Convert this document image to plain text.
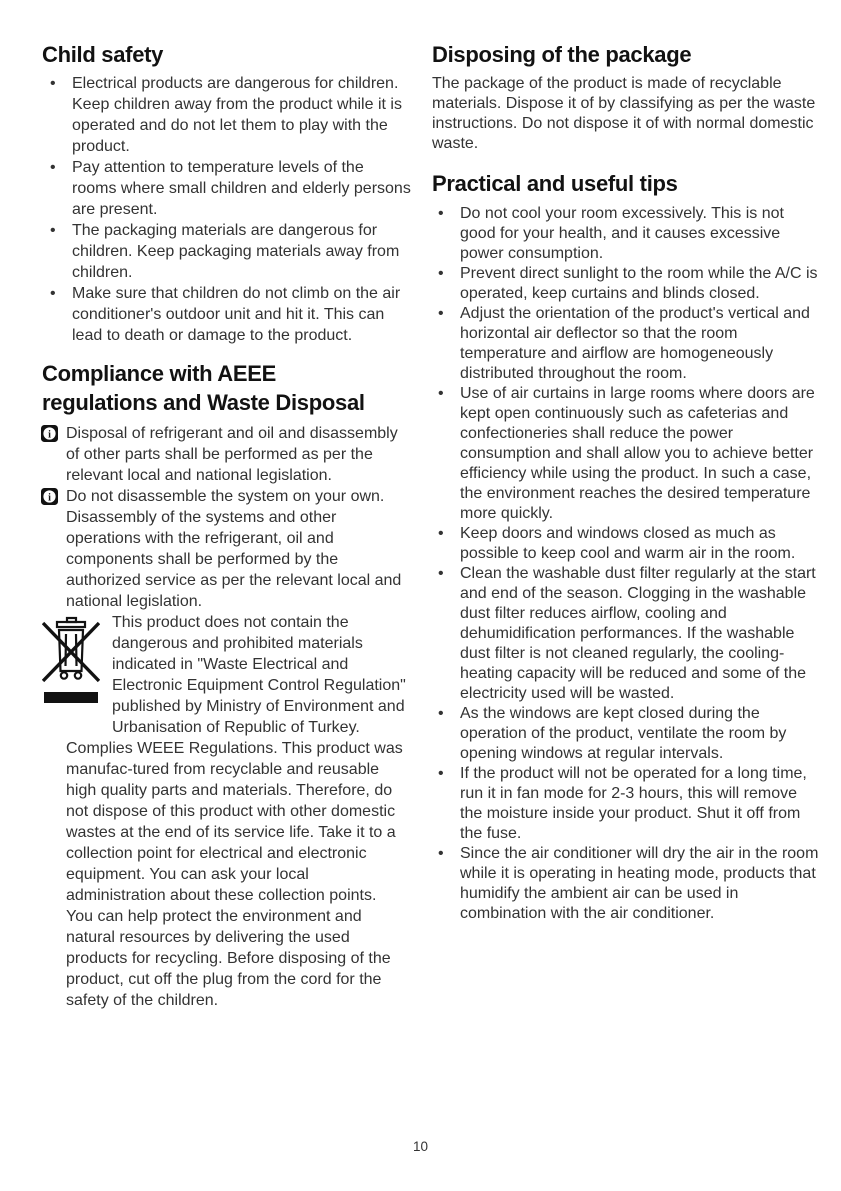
Child safety
• Electrical products are dangerous for children. Keep children away from the product while it is operated and do not let them to play with the product.
• Pay attention to temperature levels of the rooms where small children and elderly persons are present.
• The packaging materials are dangerous for children. Keep packaging materials away from children.
• Make sure that children do not climb on the air conditioner's outdoor unit and hit it. This can lead to death or damage to the product.
Compliance with AEEE
regulations and Waste Disposal

i Disposal of refrigerant and oil and disassembly of other parts shall be performed as per the relevant local and national legislation.

i Do not disassemble the system on your own. Disassembly of the systems and other operations with the refrigerant, oil and components shall be performed by the authorized service as per the relevant local and national legislation.

This product does not contain the dangerous and prohibited materials indicated in "Waste Electrical and Electronic Equipment Control Regulation" published by Ministry of Environment and Urbanisation of Republic of Turkey. Complies WEEE Regulations. This product was manufac-tured from recyclable and reusable high quality parts and materials. Therefore, do not dispose of this product with other domestic wastes at the end of its service life. Take it to a collection point for electrical and electronic equipment. You can ask your local administration about these collection points.

You can help protect the environment and natural resources by delivering the used products for recycling. Before disposing of the product, cut off the plug from the cord for the safety of the children.

Disposing of the package

The package of the product is made of recyclable materials. Dispose it of by classifying as per the waste instructions. Do not dispose it of with normal domestic waste.

Practical and useful tips
• Do not cool your room excessively. This is not good for your health, and it causes excessive power consumption.
• Prevent direct sunlight to the room while the A/C is operated, keep curtains and blinds closed.
• Adjust the orientation of the product's vertical and horizontal air deflector so that the room temperature and airflow are homogeneously distributed throughout the room.
• Use of air curtains in large rooms where doors are kept open continuously such as cafeterias and confectioneries shall reduce the power consumption and shall allow you to achieve better efficiency while using the product. In such a case, the environment reaches the desired temperature more quickly.
• Keep doors and windows closed as much as possible to keep cool and warm air in the room.
• Clean the washable dust filter regularly at the start and end of the season. Clogging in the washable dust filter reduces airflow, cooling and dehumidification performances. If the washable dust filter is not cleaned regularly, the cooling-heating capacity will be reduced and some of the electricity used will be wasted.
• As the windows are kept closed during the operation of the product, ventilate the room by opening windows at regular intervals.
• If the product will not be operated for a long time, run it in fan mode for 2-3 hours, this will remove the moisture inside your product. Shut it off from the fuse.
• Since the air conditioner will dry the air in the room while it is operating in heating mode, products that humidify the ambient air can be used in combination with the air conditioner.
10
